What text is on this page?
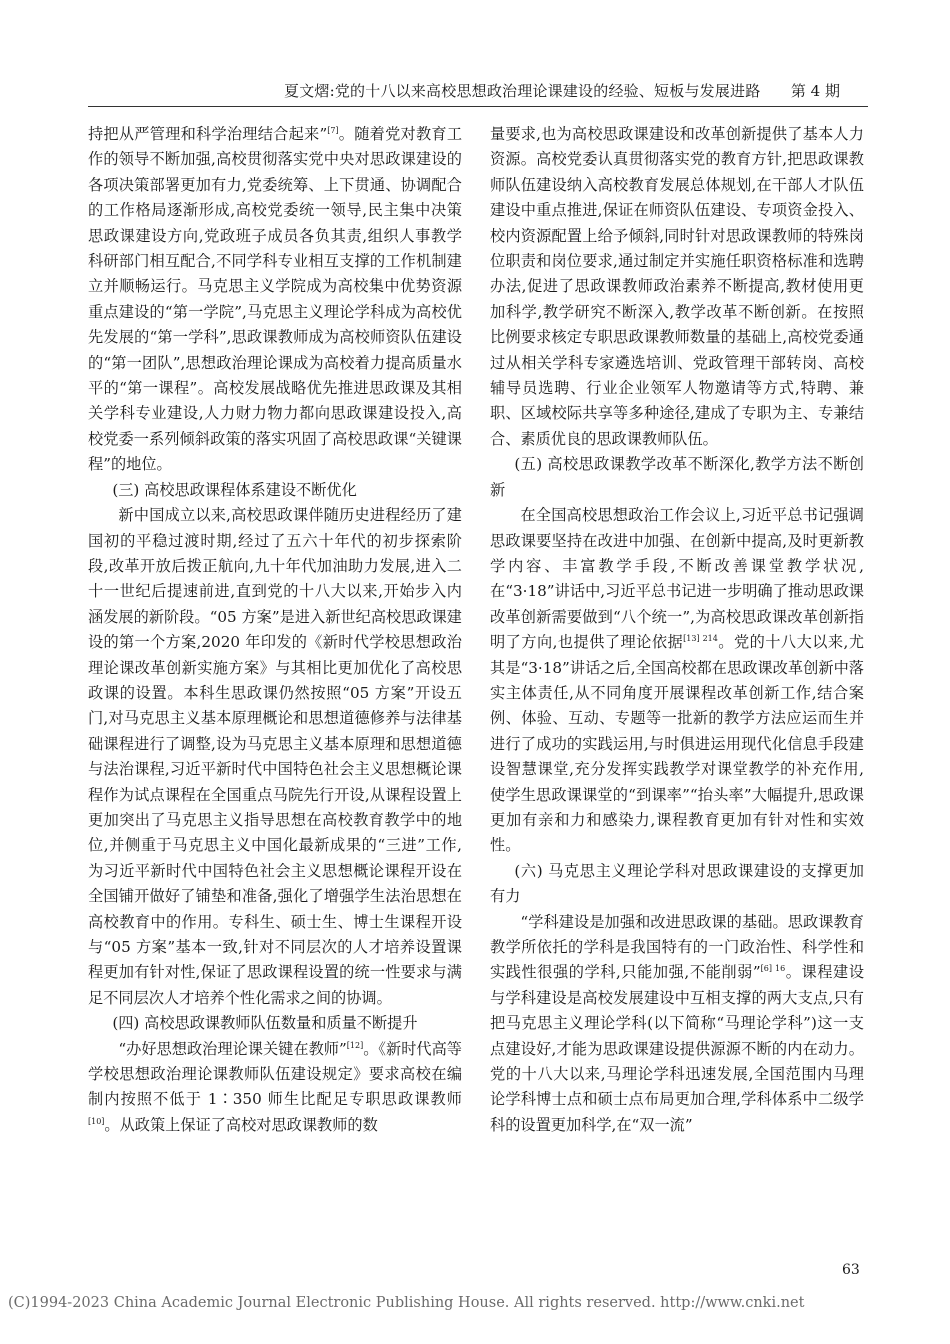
夏文熠:党的十八以来高校思想政治理论课建设的经验、短板与发展进路 第 4 期

持把从严管理和科学治理结合起来”[7]。随着党对教育工作的领导不断加强,高校贯彻落实党中央对思政课建设的各项决策部署更加有力,党委统筹、上下贯通、协调配合的工作格局逐渐形成,高校党委统一领导,民主集中决策思政课建设方向,党政班子成员各负其责,组织人事教学科研部门相互配合,不同学科专业相互支撑的工作机制建立并顺畅运行。马克思主义学院成为高校集中优势资源重点建设的“第一学院”,马克思主义理论学科成为高校优先发展的“第一学科”,思政课教师成为高校师资队伍建设的“第一团队”,思想政治理论课成为高校着力提高质量水平的“第一课程”。高校发展战略优先推进思政课及其相关学科专业建设,人力财力物力都向思政课建设投入,高校党委一系列倾斜政策的落实巩固了高校思政课“关键课程”的地位。

(三) 高校思政课程体系建设不断优化

新中国成立以来,高校思政课伴随历史进程经历了建国初的平稳过渡时期,经过了五六十年代的初步探索阶段,改革开放后拨正航向,九十年代加油助力发展,进入二十一世纪后提速前进,直到党的十八大以来,开始步入内涵发展的新阶段。“05 方案”是进入新世纪高校思政课建设的第一个方案,2020 年印发的《新时代学校思想政治理论课改革创新实施方案》与其相比更加优化了高校思政课的设置。本科生思政课仍然按照“05 方案”开设五门,对马克思主义基本原理概论和思想道德修养与法律基础课程进行了调整,设为马克思主义基本原理和思想道德与法治课程,习近平新时代中国特色社会主义思想概论课程作为试点课程在全国重点马院先行开设,从课程设置上更加突出了马克思主义指导思想在高校教育教学中的地位,并侧重于马克思主义中国化最新成果的“三进”工作,为习近平新时代中国特色社会主义思想概论课程开设在全国铺开做好了铺垫和准备,强化了增强学生法治思想在高校教育中的作用。专科生、硕士生、博士生课程开设与“05 方案”基本一致,针对不同层次的人才培养设置课程更加有针对性,保证了思政课程设置的统一性要求与满足不同层次人才培养个性化需求之间的协调。

(四) 高校思政课教师队伍数量和质量不断提升

“办好思想政治理论课关键在教师”[12]。《新时代高等学校思想政治理论课教师队伍建设规定》要求高校在编制内按照不低于 1∶350 师生比配足专职思政课教师[10]。从政策上保证了高校对思政课教师的数

量要求,也为高校思政课建设和改革创新提供了基本人力资源。高校党委认真贯彻落实党的教育方针,把思政课教师队伍建设纳入高校教育发展总体规划,在干部人才队伍建设中重点推进,保证在师资队伍建设、专项资金投入、校内资源配置上给予倾斜,同时针对思政课教师的特殊岗位职责和岗位要求,通过制定并实施任职资格标准和选聘办法,促进了思政课教师政治素养不断提高,教材使用更加科学,教学研究不断深入,教学改革不断创新。在按照比例要求核定专职思政课教师数量的基础上,高校党委通过从相关学科专家遴选培训、党政管理干部转岗、高校辅导员选聘、行业企业领军人物邀请等方式,特聘、兼职、区域校际共享等多种途径,建成了专职为主、专兼结合、素质优良的思政课教师队伍。

(五) 高校思政课教学改革不断深化,教学方法不断创新

在全国高校思想政治工作会议上,习近平总书记强调思政课要坚持在改进中加强、在创新中提高,及时更新教学内容、丰富教学手段,不断改善课堂教学状况,在“3·18”讲话中,习近平总书记进一步明确了推动思政课改革创新需要做到“八个统一”,为高校思政课改革创新指明了方向,也提供了理论依据$^{[13] 214}$。党的十八大以来,尤其是“3·18”讲话之后,全国高校都在思政课改革创新中落实主体责任,从不同角度开展课程改革创新工作,结合案例、体验、互动、专题等一批新的教学方法应运而生并进行了成功的实践运用,与时俱进运用现代化信息手段建设智慧课堂,充分发挥实践教学对课堂教学的补充作用,使学生思政课课堂的“到课率”“抬头率”大幅提升,思政课更加有亲和力和感染力,课程教育更加有针对性和实效性。

(六) 马克思主义理论学科对思政课建设的支撑更加有力

“学科建设是加强和改进思政课的基础。思政课教育教学所依托的学科是我国特有的一门政治性、科学性和实践性很强的学科,只能加强,不能削弱”$^{[6] 16}$。课程建设与学科建设是高校发展建设中互相支撑的两大支点,只有把马克思主义理论学科(以下简称“马理论学科”)这一支点建设好,才能为思政课建设提供源源不断的内在动力。党的十八大以来,马理论学科迅速发展,全国范围内马理论学科博士点和硕士点布局更加合理,学科体系中二级学科的设置更加科学,在“双一流”

63
(C)1994-2023 China Academic Journal Electronic Publishing House. All rights reserved. http://www.cnki.net
